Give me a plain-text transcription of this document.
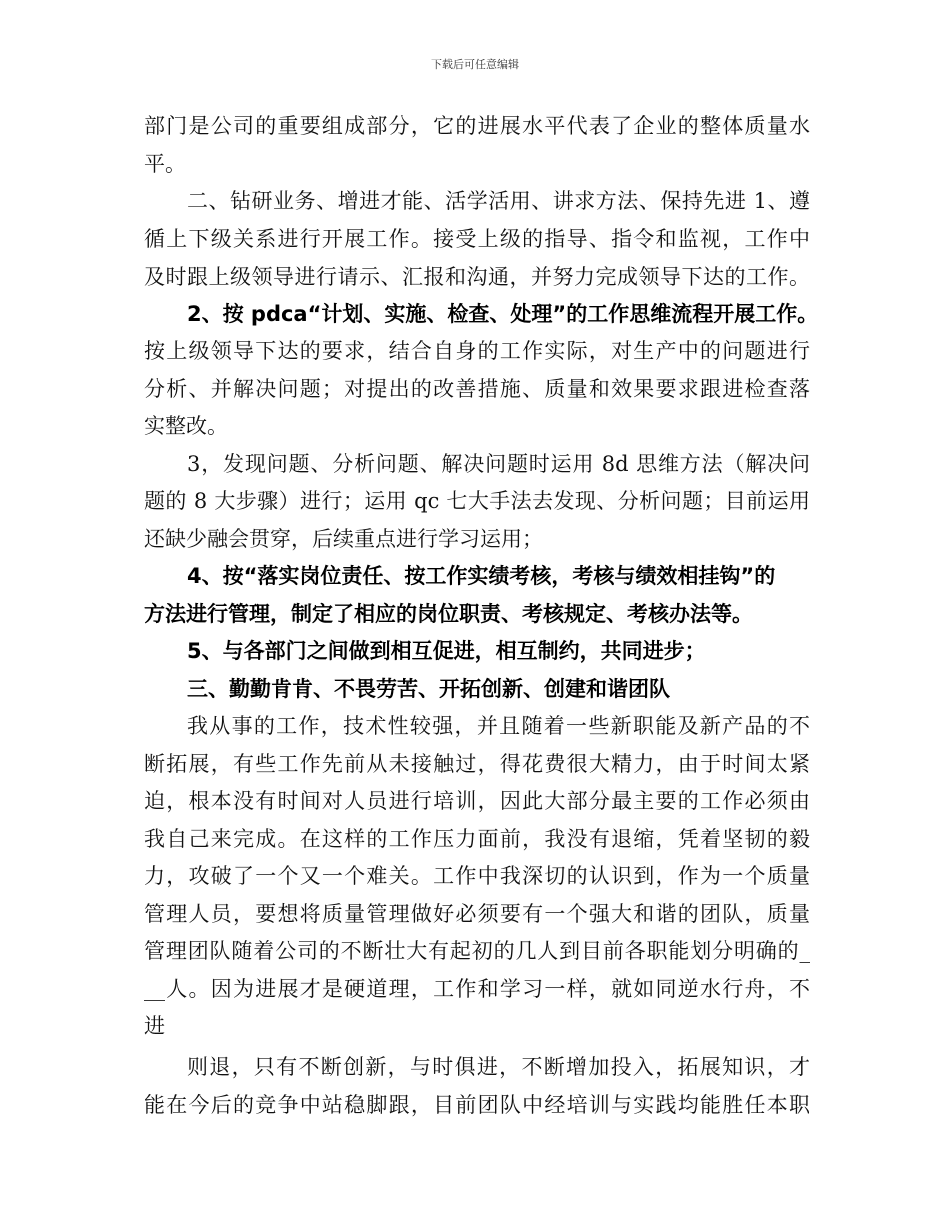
下载后可任意编辑
部门是公司的重要组成部分，它的进展水平代表了企业的整体质量水
平。
二、钻研业务、增进才能、活学活用、讲求方法、保持先进 1、遵
循上下级关系进行开展工作。接受上级的指导、指令和监视，工作中
及时跟上级领导进行请示、汇报和沟通，并努力完成领导下达的工作。
2、按 pdca“计划、实施、检查、处理”的工作思维流程开展工作。
按上级领导下达的要求，结合自身的工作实际，对生产中的问题进行
分析、并解决问题；对提出的改善措施、质量和效果要求跟进检查落
实整改。
3，发现问题、分析问题、解决问题时运用 8d 思维方法（解决问
题的 8 大步骤）进行；运用 qc 七大手法去发现、分析问题；目前运用
还缺少融会贯穿，后续重点进行学习运用；
4、按“落实岗位责任、按工作实绩考核，考核与绩效相挂钩”的
方法进行管理，制定了相应的岗位职责、考核规定、考核办法等。
5、与各部门之间做到相互促进，相互制约，共同进步；
三、勤勤肯肯、不畏劳苦、开拓创新、创建和谐团队
我从事的工作，技术性较强，并且随着一些新职能及新产品的不
断拓展，有些工作先前从未接触过，得花费很大精力，由于时间太紧
迫，根本没有时间对人员进行培训，因此大部分最主要的工作必须由
我自己来完成。在这样的工作压力面前，我没有退缩，凭着坚韧的毅
力，攻破了一个又一个难关。工作中我深切的认识到，作为一个质量
管理人员，要想将质量管理做好必须要有一个强大和谐的团队，质量
管理团队随着公司的不断壮大有起初的几人到目前各职能划分明确的_
__人。因为进展才是硬道理，工作和学习一样，就如同逆水行舟，不
进
则退，只有不断创新，与时俱进，不断增加投入，拓展知识，才
能在今后的竞争中站稳脚跟，目前团队中经培训与实践均能胜任本职
